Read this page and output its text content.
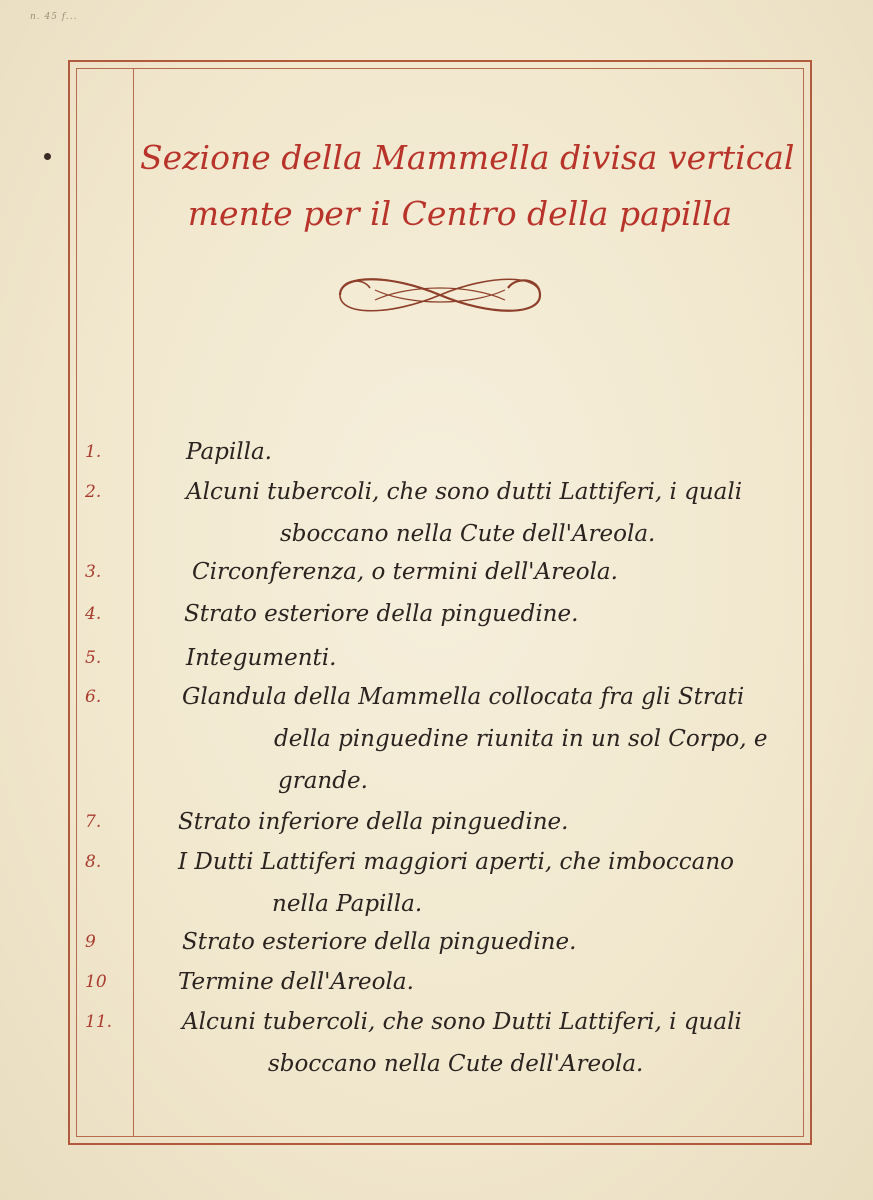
n. 45 f...
Sezione della Mammella divisa vertical
mente per il Centro della papilla
1.	Papilla.
2.	Alcuni tubercoli, che sono dutti Lattiferi, i quali
sboccano nella Cute dell'Areola.
3.	Circonferenza, o termini dell'Areola.
4.	Strato esteriore della pinguedine.
5.	Integumenti.
6.	Glandula della Mammella collocata fra gli Strati
della pinguedine riunita in un sol Corpo, e
grande.
7.	Strato inferiore della pinguedine.
8.	I Dutti Lattiferi maggiori aperti, che imboccano
nella Papilla.
9	Strato esteriore della pinguedine.
10	Termine dell'Areola.
11.	Alcuni tubercoli, che sono Dutti Lattiferi, i quali
sboccano nella Cute dell'Areola.
